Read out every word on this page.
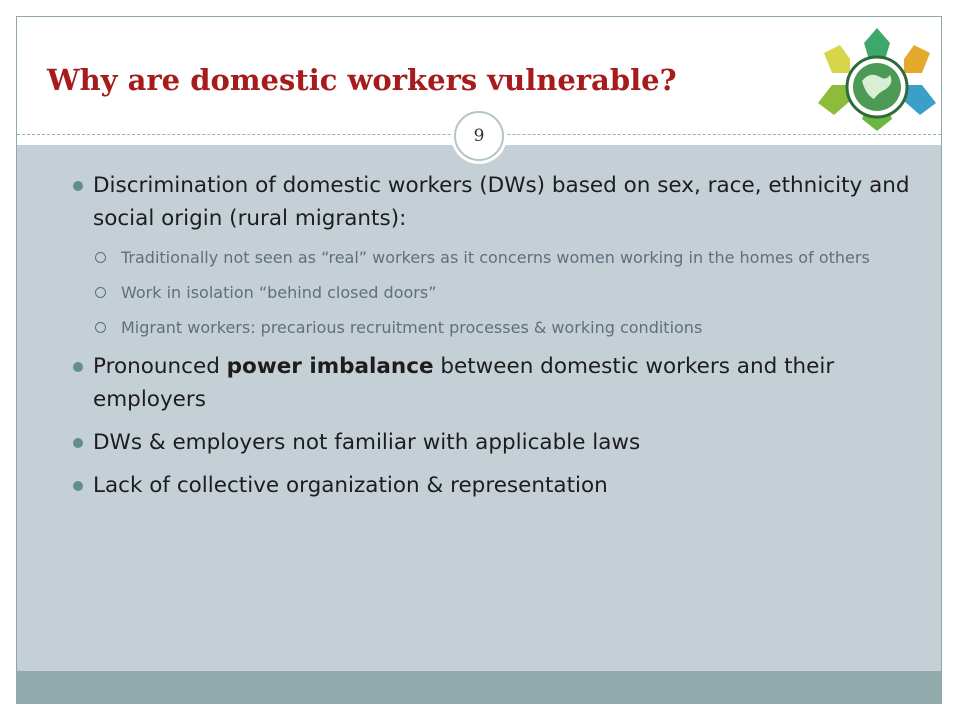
Why are domestic workers vulnerable?
Discrimination of domestic workers (DWs) based on sex, race, ethnicity and social origin (rural migrants):
Traditionally not seen as “real” workers as it concerns women working in the homes of others
Work in isolation “behind closed doors”
Migrant workers: precarious recruitment processes & working conditions
Pronounced power imbalance between domestic workers and their employers
DWs & employers not familiar with applicable laws
Lack of collective organization & representation
9
